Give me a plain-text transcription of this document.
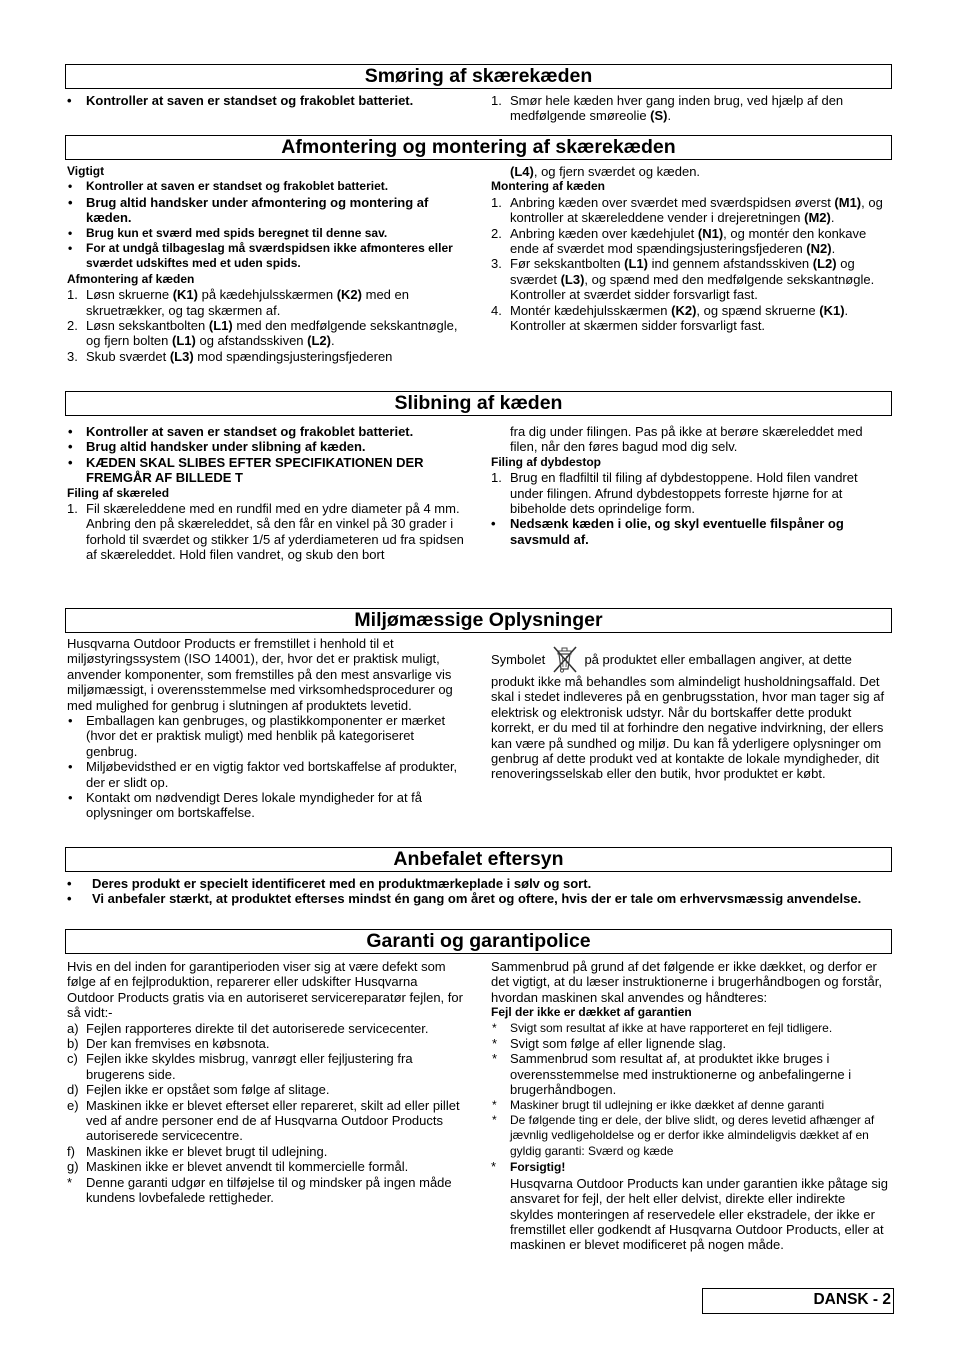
Smøring af skærekæden
• Kontroller at saven er standset og frakoblet batteriet.	1. Smør hele kæden hver gang inden brug, ved hjælp af den medfølgende smøreolie (S).
Afmontering og montering af skærekæden
Vigtigt
• Kontroller at saven er standset og frakoblet batteriet.
• Brug altid handsker under afmontering og montering af kæden.
• Brug kun et sværd med spids beregnet til denne sav.
• For at undgå tilbageslag må sværdspidsen ikke afmonteres eller sværdet udskiftes med et uden spids.
Afmontering af kæden
1. Løsn skruerne (K1) på kædehjulsskærmen (K2) med en skruetrækker, og tag skærmen af.
2. Løsn sekskantbolten (L1) med den medfølgende sekskantnøgle, og fjern bolten (L1) og afstandsskiven (L2).
3. Skub sværdet (L3) mod spændingsjusteringsfjederen
(L4), og fjern sværdet og kæden.
Montering af kæden
1. Anbring kæden over sværdet med sværdspidsen øverst (M1), og kontroller at skæreleddene vender i drejeretningen (M2).
2. Anbring kæden over kædehjulet (N1), og montér den konkave ende af sværdet mod spændingsjusteringsfjederen (N2).
3. Før sekskantbolten (L1) ind gennem afstandsskiven (L2) og sværdet (L3), og spænd med den medfølgende sekskantnøgle. Kontroller at sværdet sidder forsvarligt fast.
4. Montér kædehjulsskærmen (K2), og spænd skruerne (K1). Kontroller at skærmen sidder forsvarligt fast.
Slibning af kæden
• Kontroller at saven er standset og frakoblet batteriet.
• Brug altid handsker under slibning af kæden.
• KÆDEN SKAL SLIBES EFTER SPECIFIKATIONEN DER FREMGÅR AF BILLEDE T
Filing af skæreled
1. Fil skæreleddene med en rundfil med en ydre diameter på 4 mm. Anbring den på skæreleddet, så den får en vinkel på 30 grader i forhold til sværdet og stikker 1/5 af yderdiameteren ud fra spidsen af skæreleddet. Hold filen vandret, og skub den bort
fra dig under filingen. Pas på ikke at berøre skæreleddet med filen, når den føres bagud mod dig selv.
Filing af dybdestop
1. Brug en fladfiltil til filing af dybdestoppene. Hold filen vandret under filingen. Afrund dybdestoppets forreste hjørne for at bibeholde dets oprindelige form.
• Nedsænk kæden i olie, og skyl eventuelle filspåner og savsmuld af.
Miljømæssige Oplysninger
Husqvarna Outdoor Products er fremstillet i henhold til et miljøstyringssystem (ISO 14001), der, hvor det er praktisk muligt, anvender komponenter, som fremstilles på den mest ansvarlige vis miljømæssigt, i overensstemmelse med virksomhedsprocedurer og med mulighed for genbrug i slutningen af produktets levetid.
• Emballagen kan genbruges, og plastikkomponenter er mærket (hvor det er praktisk muligt) med henblik på kategoriseret genbrug.
• Miljøbevidsthed er en vigtig faktor ved bortskaffelse af produkter, der er slidt op.
• Kontakt om nødvendigt Deres lokale myndigheder for at få oplysninger om bortskaffelse.
Symbolet	på produktet eller emballagen angiver, at dette produkt ikke må behandles som almindeligt husholdningsaffald. Det skal i stedet indleveres på en genbrugsstation, hvor man tager sig af elektrisk og elektronisk udstyr. Når du bortskaffer dette produkt korrekt, er du med til at forhindre den negative indvirkning, der ellers kan være på sundhed og miljø. Du kan få yderligere oplysninger om genbrug af dette produkt ved at kontakte de lokale myndigheder, dit renoveringsselskab eller den butik, hvor produktet er købt.
Anbefalet eftersyn
• Deres produkt er specielt identificeret med en produktmærkeplade i sølv og sort.
• Vi anbefaler stærkt, at produktet efterses mindst én gang om året og oftere, hvis der er tale om erhvervsmæssig anvendelse.
Garanti og garantipolice
Hvis en del inden for garantiperioden viser sig at være defekt som følge af en fejlproduktion, reparerer eller udskifter Husqvarna Outdoor Products gratis via en autoriseret servicereparatør fejlen, for så vidt:-
a) Fejlen rapporteres direkte til det autoriserede servicecenter.
b) Der kan fremvises en købsnota.
c) Fejlen ikke skyldes misbrug, vanrøgt eller fejljustering fra brugerens side.
d) Fejlen ikke er opstået som følge af slitage.
e) Maskinen ikke er blevet efterset eller repareret, skilt ad eller pillet ved af andre personer end de af Husqvarna Outdoor Products autoriserede servicecentre.
f) Maskinen ikke er blevet brugt til udlejning.
g) Maskinen ikke er blevet anvendt til kommercielle formål.
* Denne garanti udgør en tilføjelse til og mindsker på ingen måde kundens lovbefalede rettigheder.
Sammenbrud på grund af det følgende er ikke dækket, og derfor er det vigtigt, at du læser instruktionerne i brugerhåndbogen og forstår, hvordan maskinen skal anvendes og håndteres:
Fejl der ikke er dækket af garantien
* Svigt som resultat af ikke at have rapporteret en fejl tidligere.
* Svigt som følge af eller lignende slag.
* Sammenbrud som resultat af, at produktet ikke bruges i overensstemmelse med instruktionerne og anbefalingerne i brugerhåndbogen.
* Maskiner brugt til udlejning er ikke dækket af denne garanti
* De følgende ting er dele, der blive slidt, og deres levetid afhænger af jævnlig vedligeholdelse og er derfor ikke almindeligvis dækket af en gyldig garanti: Sværd og kæde
* Forsigtig!
Husqvarna Outdoor Products kan under garantien ikke påtage sig ansvaret for fejl, der helt eller delvist, direkte eller indirekte skyldes monteringen af reservedele eller ekstradele, der ikke er fremstillet eller godkendt af Husqvarna Outdoor Products, eller at maskinen er blevet modificeret på nogen måde.
DANSK - 2
